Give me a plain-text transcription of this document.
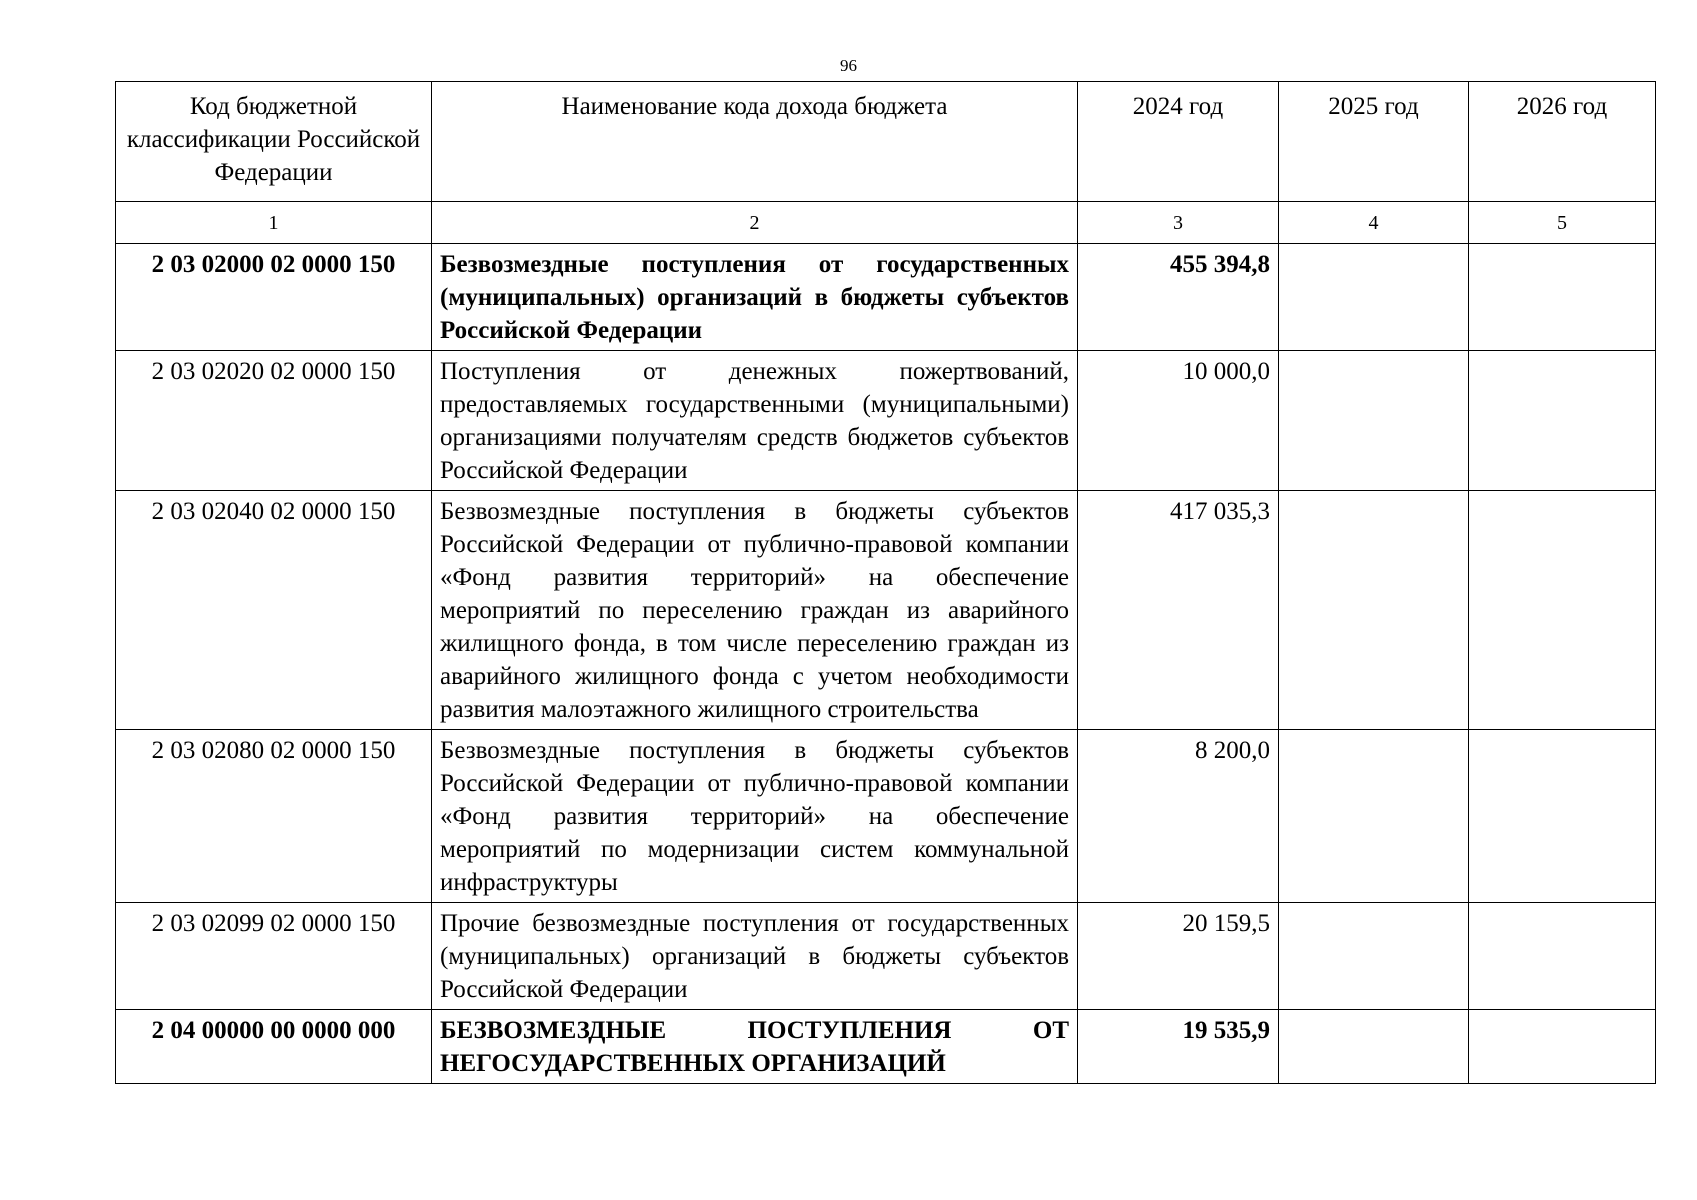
96
Код бюджетной классификации Российской Федерации	Наименование кода дохода бюджета	2024 год	2025 год	2026 год
1	2	3	4	5
2 03 02000 02 0000 150	Безвозмездные поступления от государственных (муниципальных) организаций в бюджеты субъектов Российской Федерации	455 394,8		
2 03 02020 02 0000 150	Поступления от денежных пожертвований, предоставляемых государственными (муниципальными) организациями получателям средств бюджетов субъектов Российской Федерации	10 000,0		
2 03 02040 02 0000 150	Безвозмездные поступления в бюджеты субъектов Российской Федерации от публично-правовой компании «Фонд развития территорий» на обеспечение мероприятий по переселению граждан из аварийного жилищного фонда, в том числе переселению граждан из аварийного жилищного фонда с учетом необходимости развития малоэтажного жилищного строительства	417 035,3		
2 03 02080 02 0000 150	Безвозмездные поступления в бюджеты субъектов Российской Федерации от публично-правовой компании «Фонд развития территорий» на обеспечение мероприятий по модернизации систем коммунальной инфраструктуры	8 200,0		
2 03 02099 02 0000 150	Прочие безвозмездные поступления от государственных (муниципальных) организаций в бюджеты субъектов Российской Федерации	20 159,5		
2 04 00000 00 0000 000	БЕЗВОЗМЕЗДНЫЕ ПОСТУПЛЕНИЯ ОТ НЕГОСУДАРСТВЕННЫХ ОРГАНИЗАЦИЙ	19 535,9		
